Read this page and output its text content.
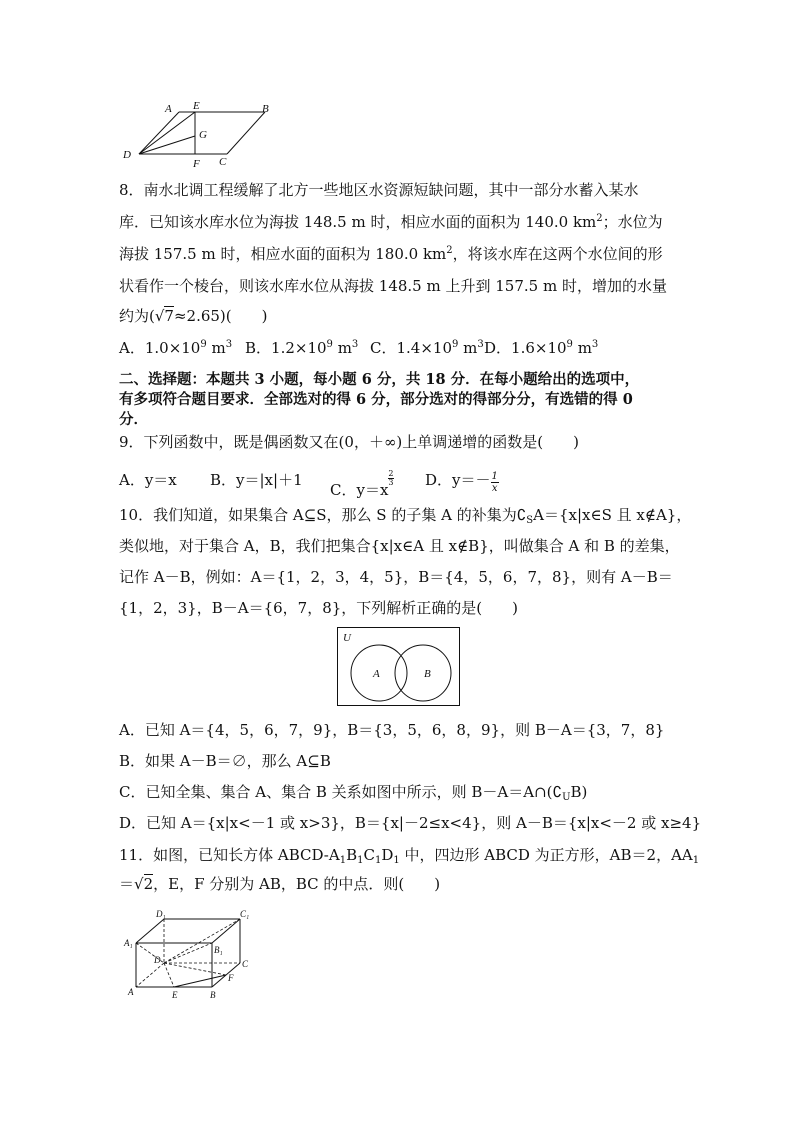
A E	B
G
D
F C
8．南水北调工程缓解了北方一些地区水资源短缺问题，其中一部分水蓄入某水
库．已知该水库水位为海拔 148.5 m 时，相应水面的面积为 140.0 $km^2$；水位为
海拔 157.5 m 时，相应水面的面积为 180.0 $km^2$，将该水库在这两个水位间的形
状看作一个棱台，则该水库水位从海拔 148.5 m 上升到 157.5 m 时，增加的水量
约为(√7≈2.65)(　　)
A．$1.0\times 10^9$ $m^3$ B．$1.2\times 10^9$ $m^3$ C．$1.4\times 10^9$ $m^3$ D．$1.6\times 10^9$ $m^3$
二、选择题：本题共 3 小题，每小题 6 分，共 18 分．在每小题给出的选项中，
有多项符合题目要求．全部选对的得 6 分，部分选对的得部分分，有选错的得 0
分．
9．下列函数中，既是偶函数又在(0，＋∞)上单调递增的函数是(　　)
A．y＝x B．y＝|x|＋1
C．y＝x
$\frac{2}{3}$ D．$y=- \frac{1}{x}$
10．我们知道，如果集合 A⊆S，那么 S 的子集 A 的补集为$∁_SA=\{x|x\in S$ 且 x∉A}，
类似地，对于集合 A，B，我们把集合{x|x∈A 且 x∉B}，叫做集合 A 和 B 的差集，
记作 A－B，例如：A＝{1，2，3，4，5}，B＝{4，5，6，7，8}，则有 A－B＝
{1，2，3}，B－A＝{6，7，8}，下列解析正确的是(　　)
U
A	B
A．已知 A＝{4，5，6，7，9}，B＝{3，5，6，8，9}，则 B－A＝{3，7，8}
B．如果 A－B＝∅，那么 A⊆B
C．已知全集、集合 A、集合 B 关系如图中所示，则 $B-A=A\cap(∁_UB)$
D．已知 A＝{x|x<－1 或 x>3}，B＝{x|－2≤x<4}，则 A－B＝{x|x<－2 或 x≥4}
11．如图，已知长方体 ABCD-$A_1B_1C_1D_1$ 中，四边形 ABCD 为正方形，AB＝2，$AA_1$
＝√2，E，F 分别为 AB，BC 的中点．则(　　)
D₁	C₁
A₁
B₁
D	C
F
A	E	B
